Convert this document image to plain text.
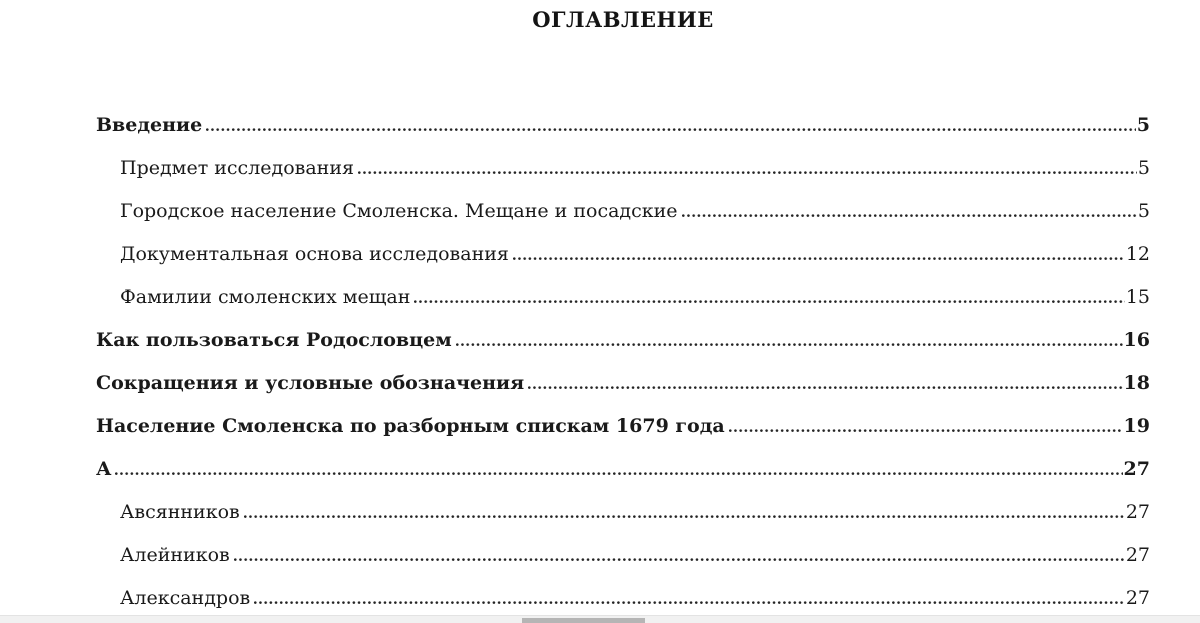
ОГЛАВЛЕНИЕ
Введение	5
Предмет исследования	5
Городское население Смоленска. Мещане и посадские	5
Документальная основа исследования	12
Фамилии смоленских мещан	15
Как пользоваться Родословцем	16
Сокращения и условные обозначения	18
Население Смоленска по разборным спискам 1679 года	19
А	27
Авсянников	27
Алейников	27
Александров	27
